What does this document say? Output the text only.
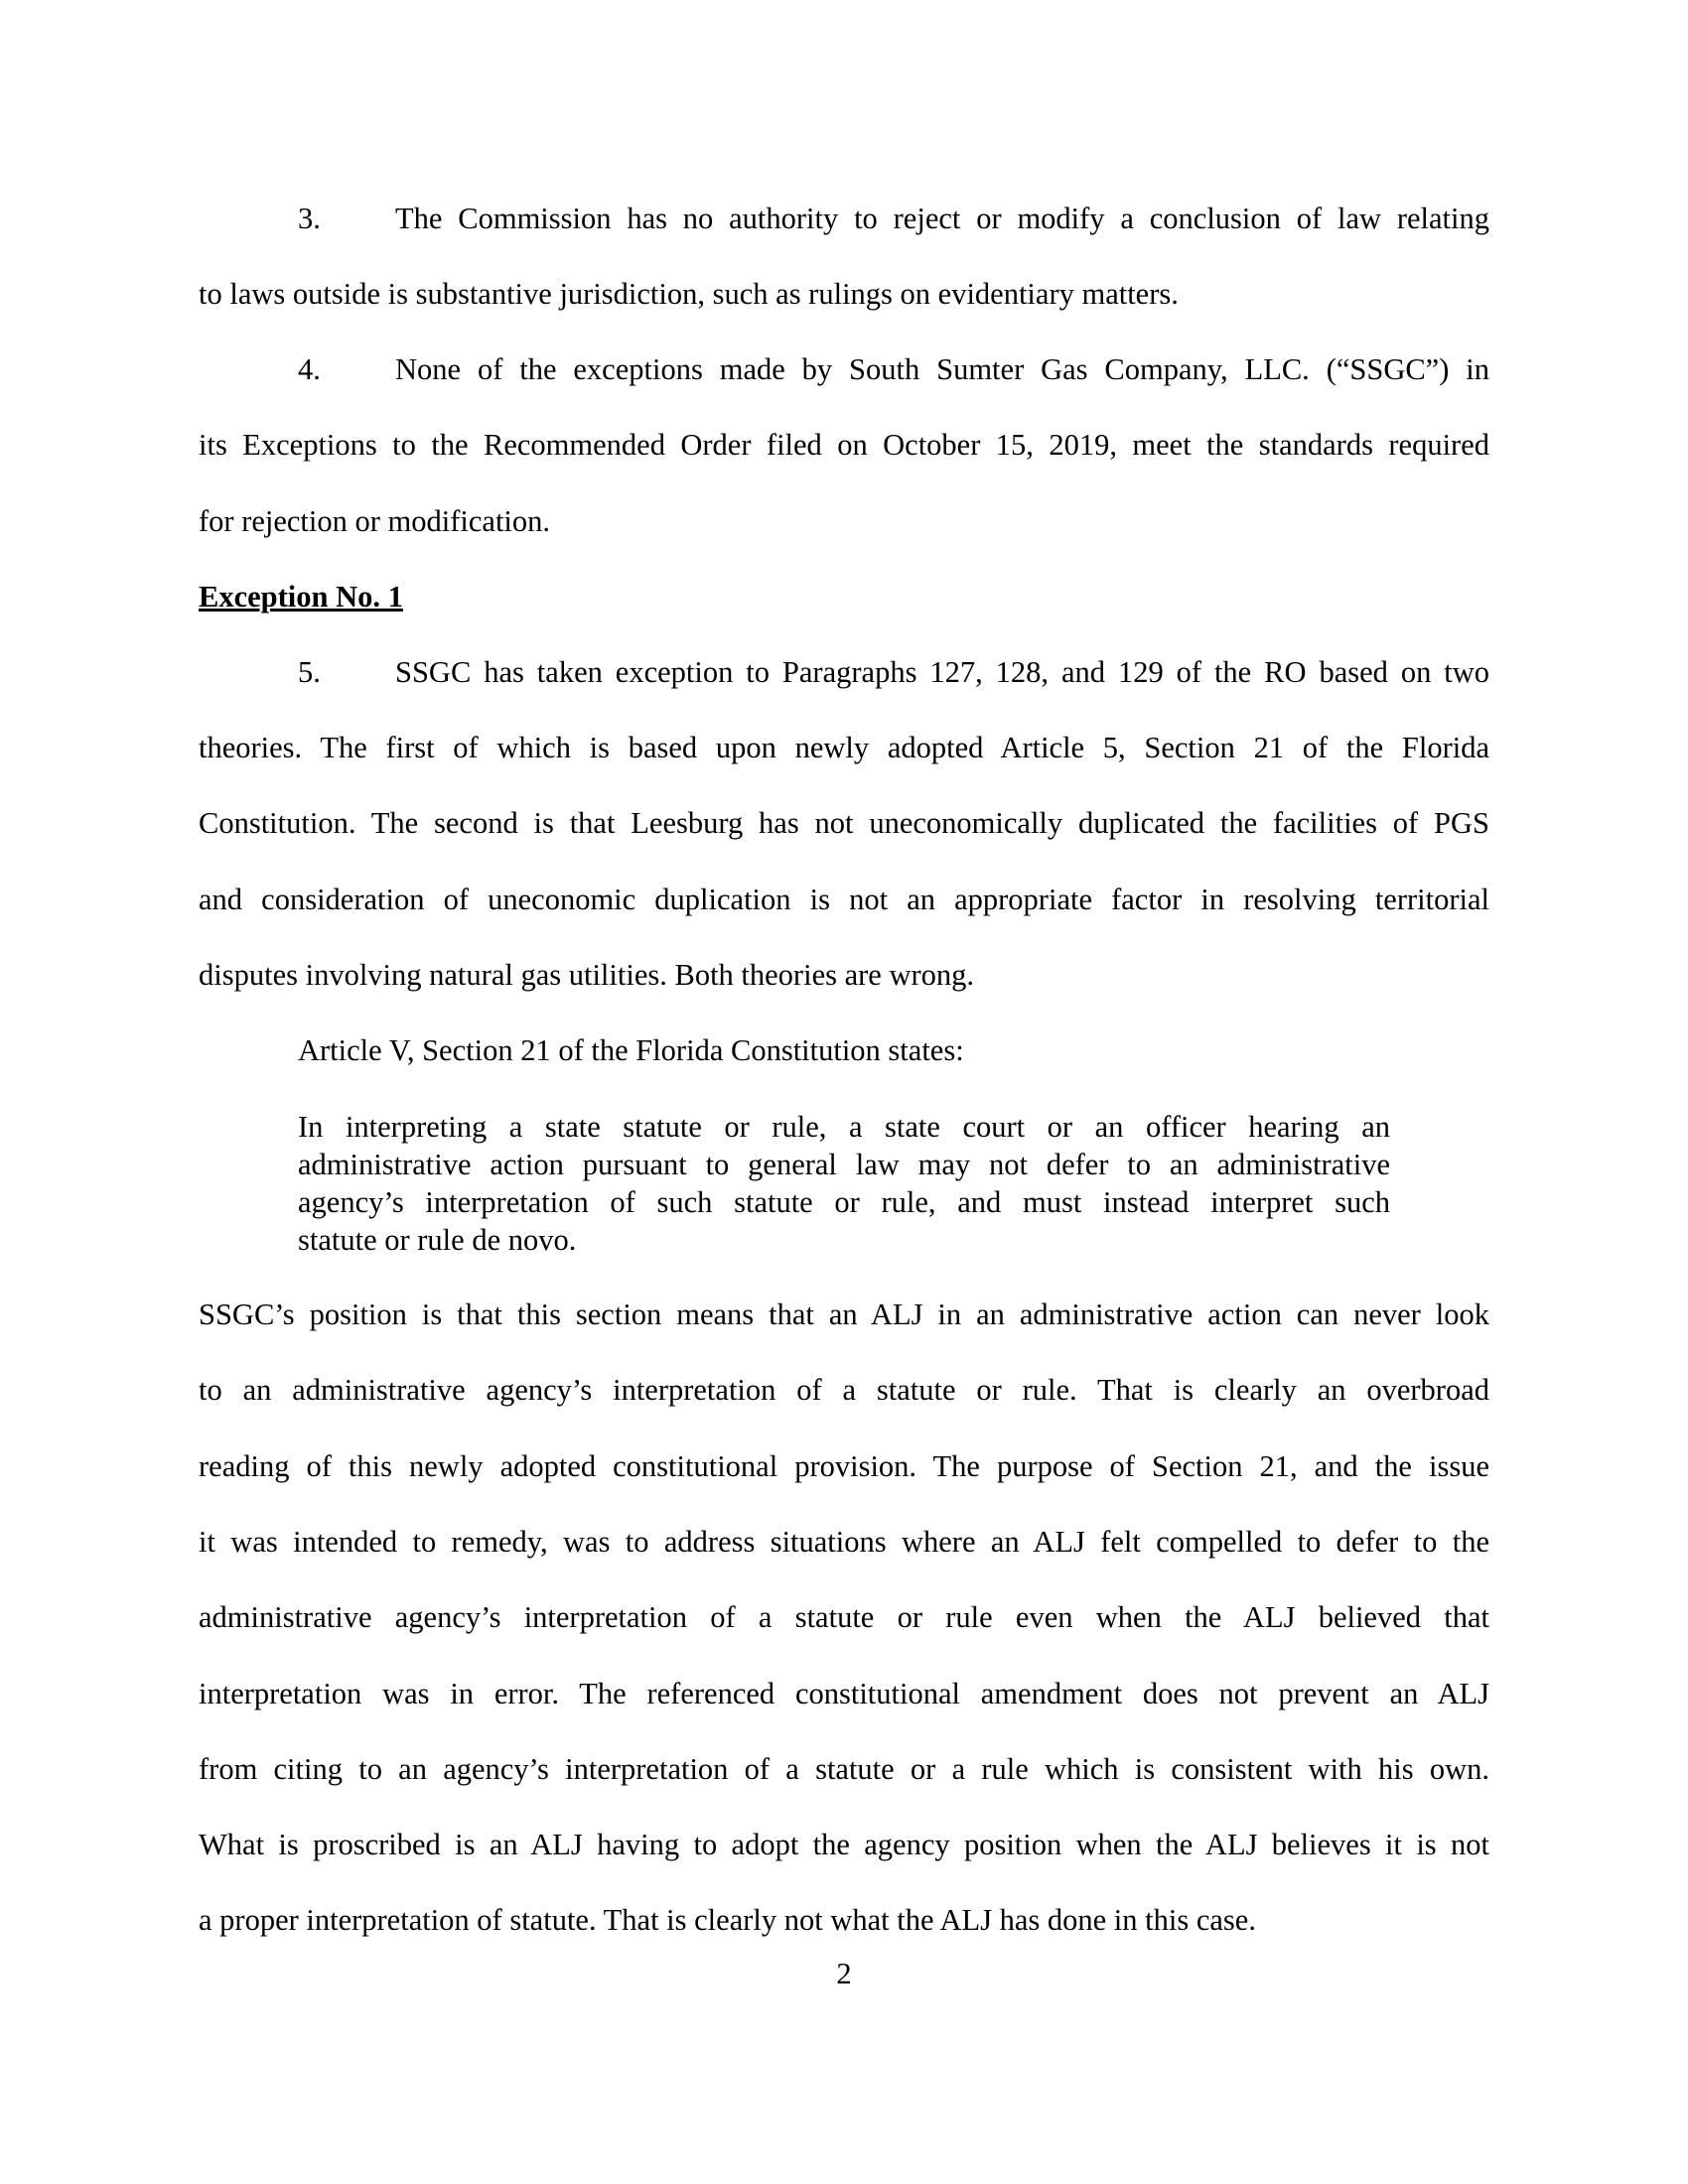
3. The Commission has no authority to reject or modify a conclusion of law relating
to laws outside is substantive jurisdiction, such as rulings on evidentiary matters.
4. None of the exceptions made by South Sumter Gas Company, LLC. (“SSGC”) in
its Exceptions to the Recommended Order filed on October 15, 2019, meet the standards required
for rejection or modification.
Exception No. 1
5. SSGC has taken exception to Paragraphs 127, 128, and 129 of the RO based on two
theories. The first of which is based upon newly adopted Article 5, Section 21 of the Florida
Constitution. The second is that Leesburg has not uneconomically duplicated the facilities of PGS
and consideration of uneconomic duplication is not an appropriate factor in resolving territorial
disputes involving natural gas utilities. Both theories are wrong.
Article V, Section 21 of the Florida Constitution states:
In interpreting a state statute or rule, a state court or an officer hearing an
administrative action pursuant to general law may not defer to an administrative
agency’s interpretation of such statute or rule, and must instead interpret such
statute or rule de novo.
SSGC’s position is that this section means that an ALJ in an administrative action can never look
to an administrative agency’s interpretation of a statute or rule. That is clearly an overbroad
reading of this newly adopted constitutional provision. The purpose of Section 21, and the issue
it was intended to remedy, was to address situations where an ALJ felt compelled to defer to the
administrative agency’s interpretation of a statute or rule even when the ALJ believed that
interpretation was in error. The referenced constitutional amendment does not prevent an ALJ
from citing to an agency’s interpretation of a statute or a rule which is consistent with his own.
What is proscribed is an ALJ having to adopt the agency position when the ALJ believes it is not
a proper interpretation of statute. That is clearly not what the ALJ has done in this case.
2
